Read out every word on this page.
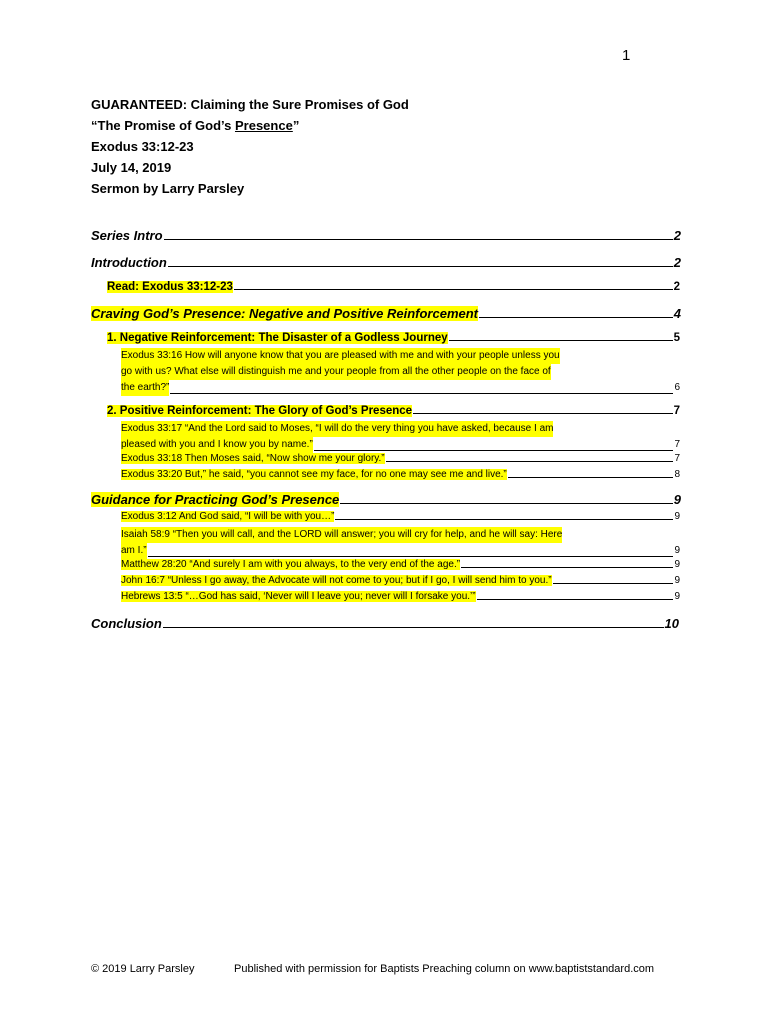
1
GUARANTEED: Claiming the Sure Promises of God
“The Promise of God’s Presence”
Exodus 33:12-23
July 14, 2019
Sermon by Larry Parsley
Series Intro	2
Introduction	2
Read: Exodus 33:12-23	2
Craving God’s Presence: Negative and Positive Reinforcement	4
1. Negative Reinforcement: The Disaster of a Godless Journey	5
Exodus 33:16 How will anyone know that you are pleased with me and with your people unless you
go with us? What else will distinguish me and your people from all the other people on the face of
the earth?”	6
2. Positive Reinforcement: The Glory of God’s Presence	7
Exodus 33:17 “And the Lord said to Moses, “I will do the very thing you have asked, because I am
pleased with you and I know you by name.”	7
Exodus 33:18 Then Moses said, “Now show me your glory.”	7
Exodus 33:20 But,” he said, “you cannot see my face, for no one may see me and live.”	8
Guidance for Practicing God’s Presence	9
Exodus 3:12 And God said, “I will be with you…”	9
Isaiah 58:9 “Then you will call, and the LORD will answer; you will cry for help, and he will say: Here
am I.”	9
Matthew 28:20 “And surely I am with you always, to the very end of the age.”	9
John 16:7 “Unless I go away, the Advocate will not come to you; but if I go, I will send him to you.”	9
Hebrews 13:5 “…God has said, ‘Never will I leave you; never will I forsake you.’”	9
Conclusion	10
© 2019 Larry Parsley	Published with permission for Baptists Preaching column on www.baptiststandard.com
